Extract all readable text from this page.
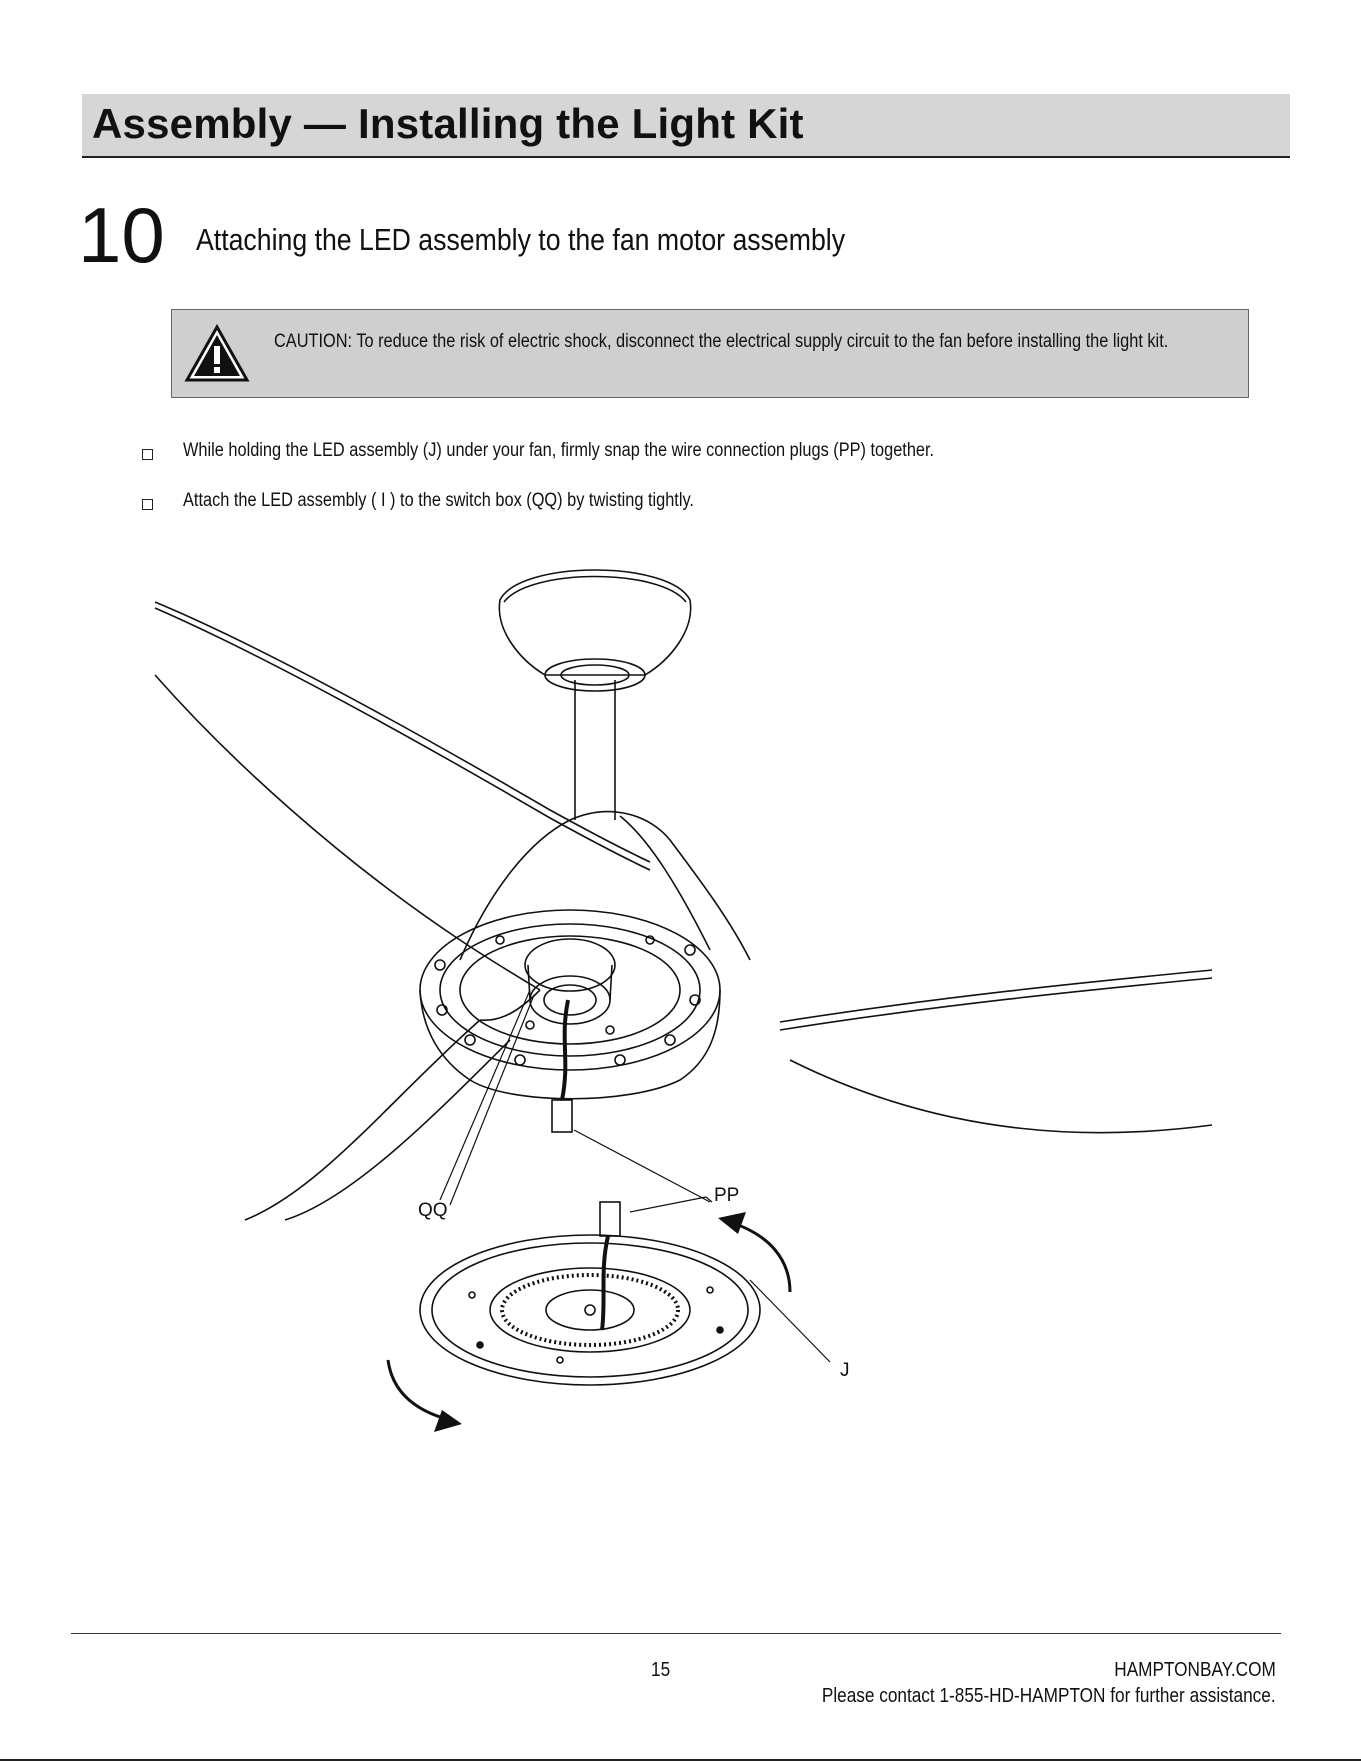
Assembly — Installing the Light Kit
10 Attaching the LED assembly to the fan motor assembly
CAUTION: To reduce the risk of electric shock, disconnect the electrical supply circuit to the fan before installing the light kit.
While holding the LED assembly (J) under your fan, firmly snap the wire connection plugs (PP) together.
Attach the LED assembly ( I ) to the switch box (QQ) by twisting tightly.
QQ
PP
J
15	HAMPTONBAY.COM
Please contact 1-855-HD-HAMPTON for further assistance.
